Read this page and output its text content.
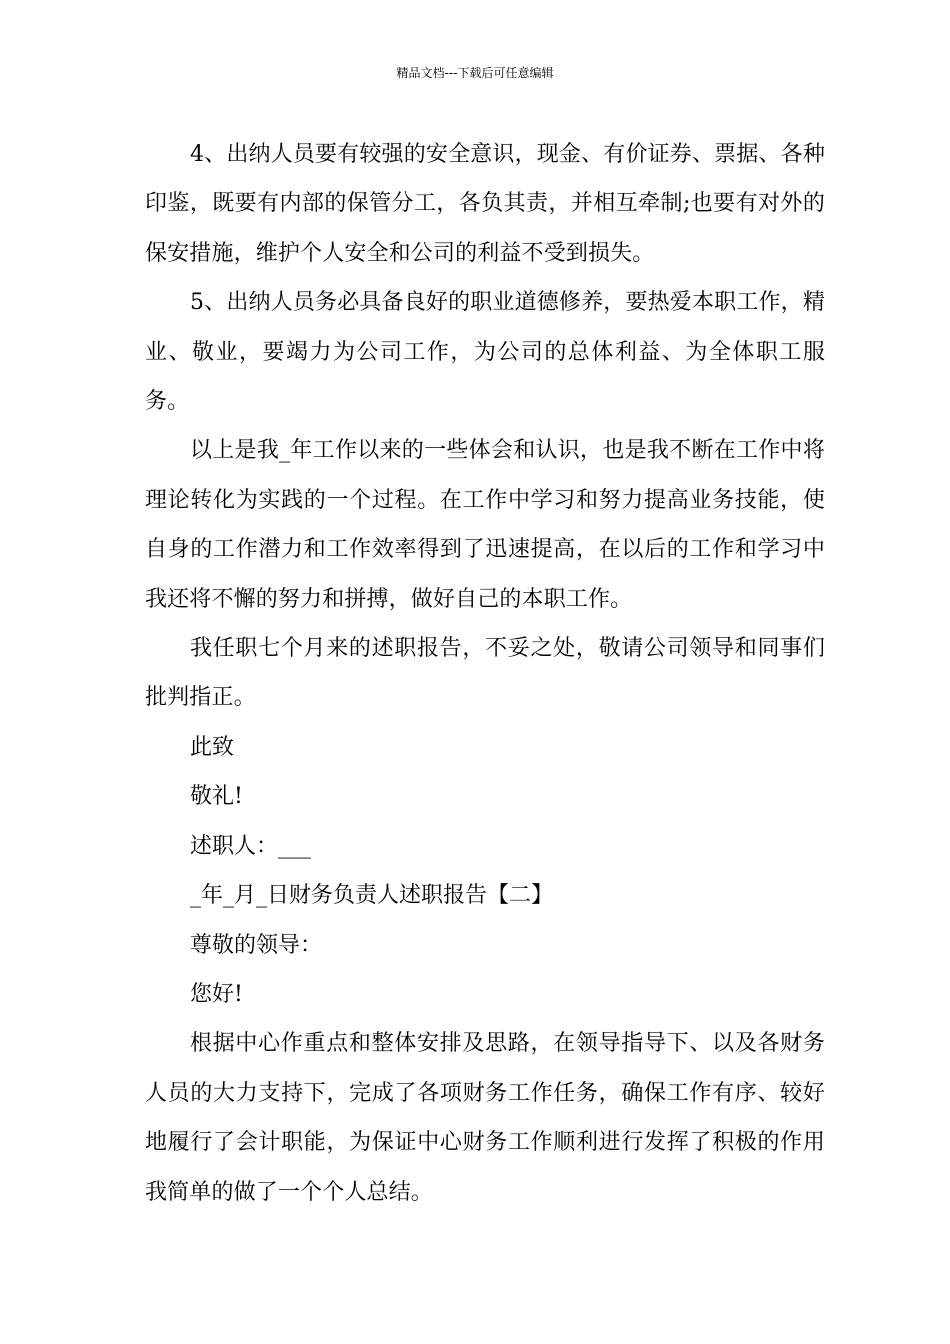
精品文档---下载后可任意编辑

4、出纳人员要有较强的安全意识，现金、有价证券、票据、各种印鉴，既要有内部的保管分工，各负其责，并相互牵制;也要有对外的保安措施，维护个人安全和公司的利益不受到损失。

5、出纳人员务必具备良好的职业道德修养，要热爱本职工作，精业、敬业，要竭力为公司工作，为公司的总体利益、为全体职工服务。

以上是我_年工作以来的一些体会和认识，也是我不断在工作中将理论转化为实践的一个过程。在工作中学习和努力提高业务技能，使自身的工作潜力和工作效率得到了迅速提高，在以后的工作和学习中我还将不懈的努力和拼搏，做好自己的本职工作。

我任职七个月来的述职报告，不妥之处，敬请公司领导和同事们批判指正。

此致

敬礼!

述职人：___

_年_月_日财务负责人述职报告【二】

尊敬的领导：

您好!

根据中心作重点和整体安排及思路，在领导指导下、以及各财务人员的大力支持下，完成了各项财务工作任务，确保工作有序、较好地履行了会计职能，为保证中心财务工作顺利进行发挥了积极的作用我简单的做了一个个人总结。
